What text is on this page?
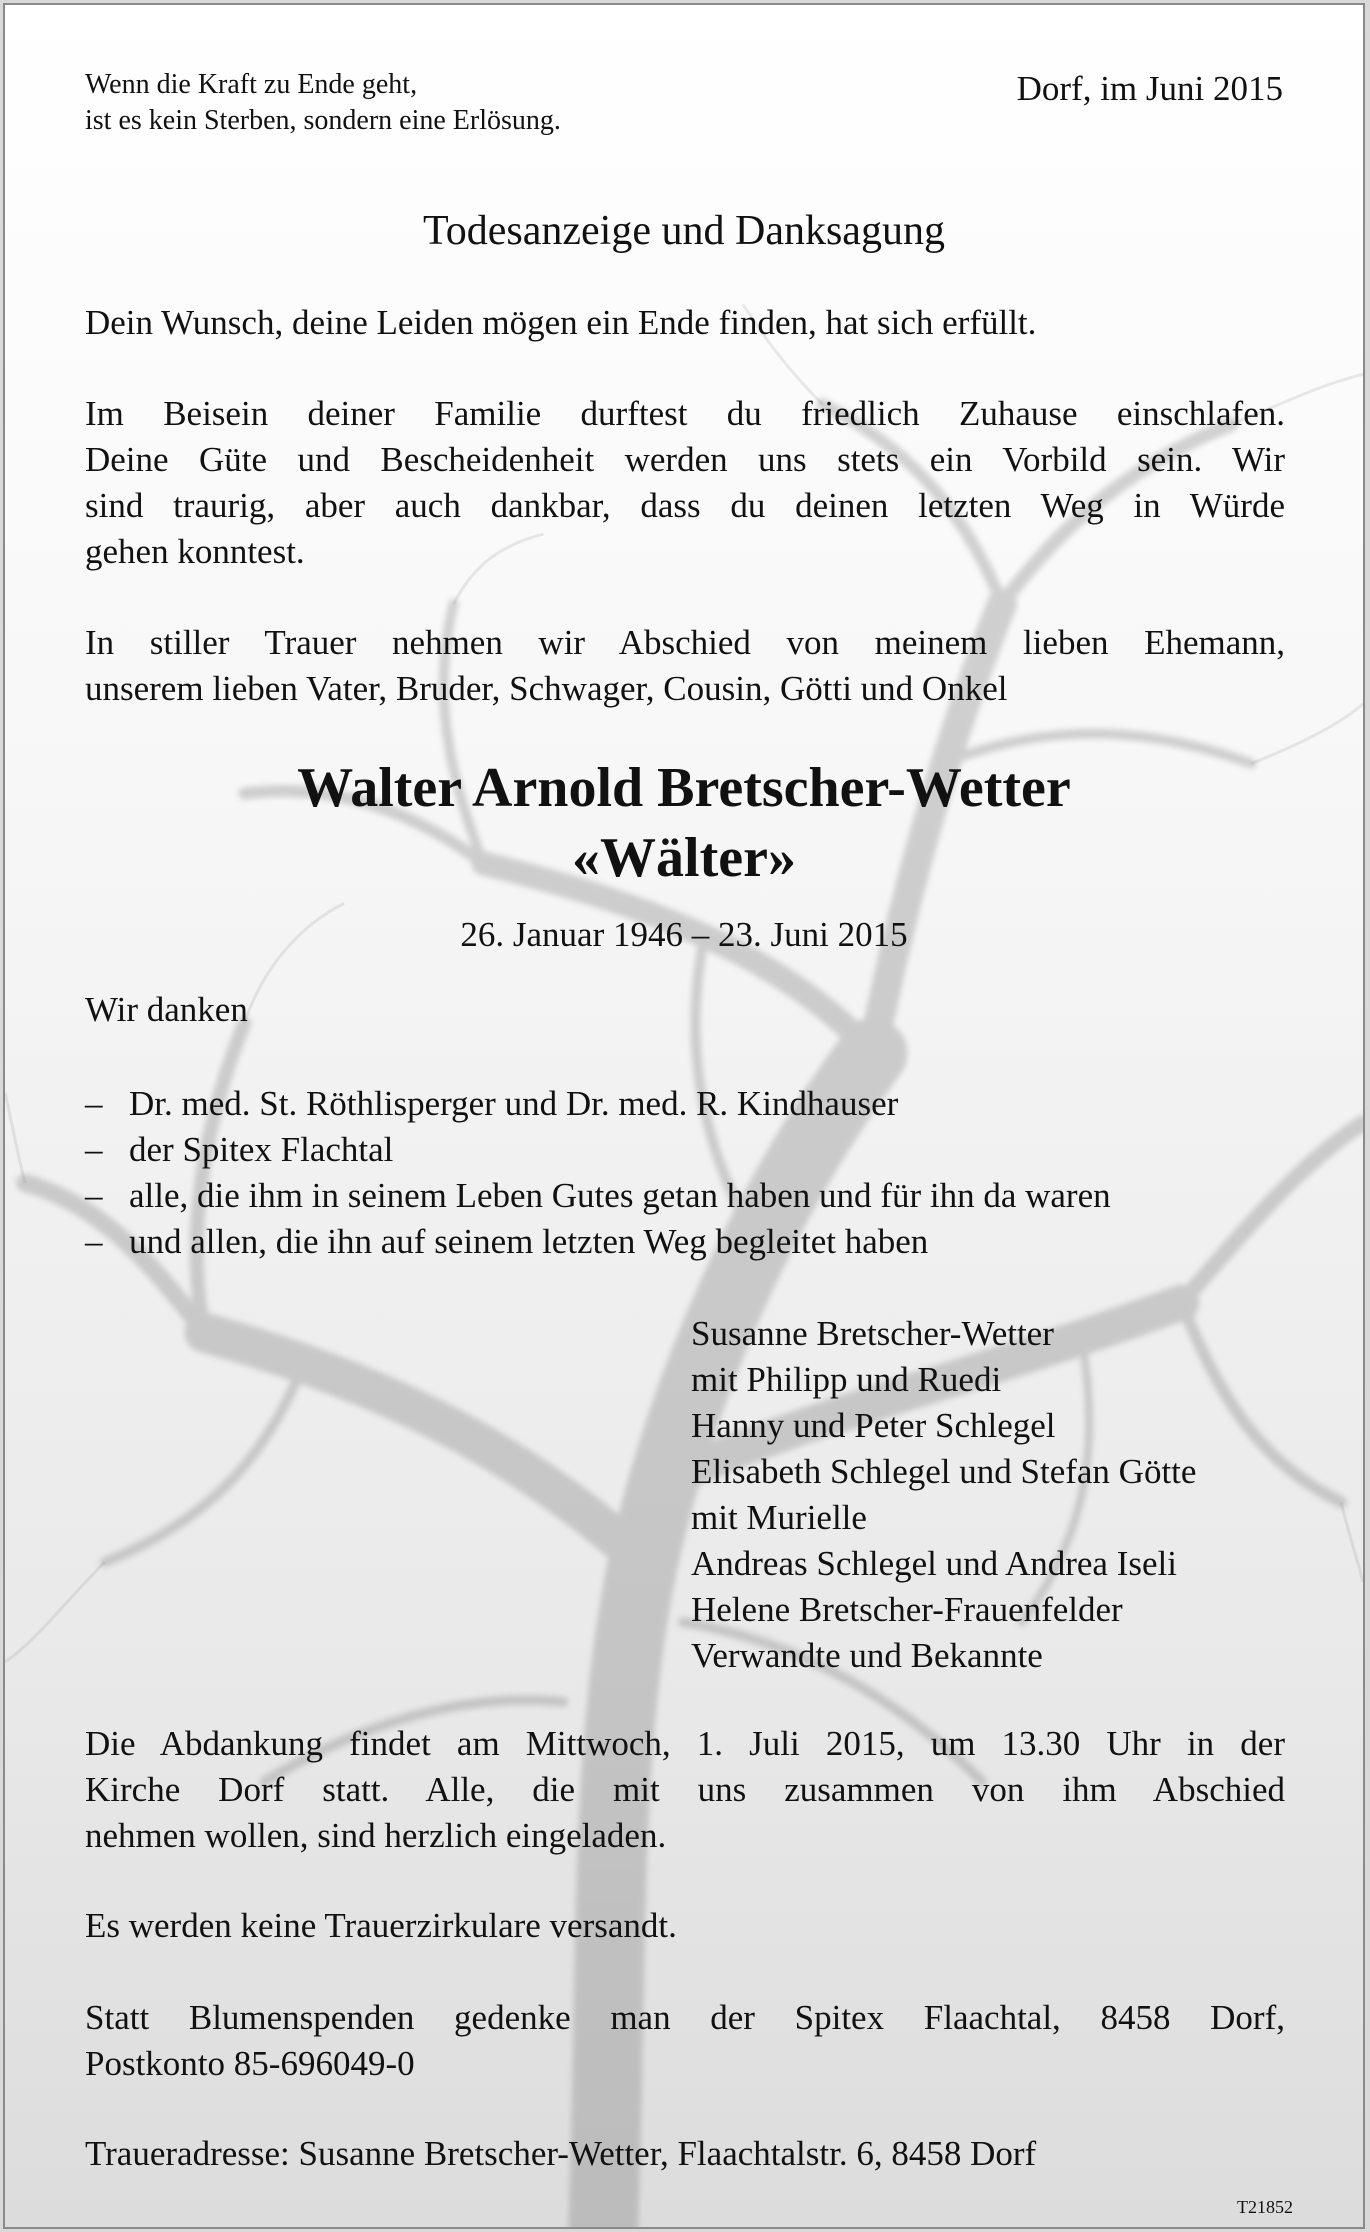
Wenn die Kraft zu Ende geht,
ist es kein Sterben, sondern eine Erlösung.
Dorf, im Juni 2015
Todesanzeige und Danksagung
Dein Wunsch, deine Leiden mögen ein Ende finden, hat sich erfüllt.
Im Beisein deiner Familie durftest du friedlich Zuhause einschlafen.
Deine Güte und Bescheidenheit werden uns stets ein Vorbild sein. Wir
sind traurig, aber auch dankbar, dass du deinen letzten Weg in Würde
gehen konntest.
In stiller Trauer nehmen wir Abschied von meinem lieben Ehemann,
unserem lieben Vater, Bruder, Schwager, Cousin, Götti und Onkel
Walter Arnold Bretscher-Wetter
«Wälter»
26. Januar 1946 – 23. Juni 2015
Wir danken
– Dr. med. St. Röthlisperger und Dr. med. R. Kindhauser
– der Spitex Flachtal
– alle, die ihm in seinem Leben Gutes getan haben und für ihn da waren
– und allen, die ihn auf seinem letzten Weg begleitet haben
Susanne Bretscher-Wetter
mit Philipp und Ruedi
Hanny und Peter Schlegel
Elisabeth Schlegel und Stefan Götte
mit Murielle
Andreas Schlegel und Andrea Iseli
Helene Bretscher-Frauenfelder
Verwandte und Bekannte
Die Abdankung findet am Mittwoch, 1. Juli 2015, um 13.30 Uhr in der
Kirche Dorf statt. Alle, die mit uns zusammen von ihm Abschied
nehmen wollen, sind herzlich eingeladen.
Es werden keine Trauerzirkulare versandt.
Statt Blumenspenden gedenke man der Spitex Flaachtal, 8458 Dorf,
Postkonto 85-696049-0
Traueradresse: Susanne Bretscher-Wetter, Flaachtalstr. 6, 8458 Dorf
T21852
